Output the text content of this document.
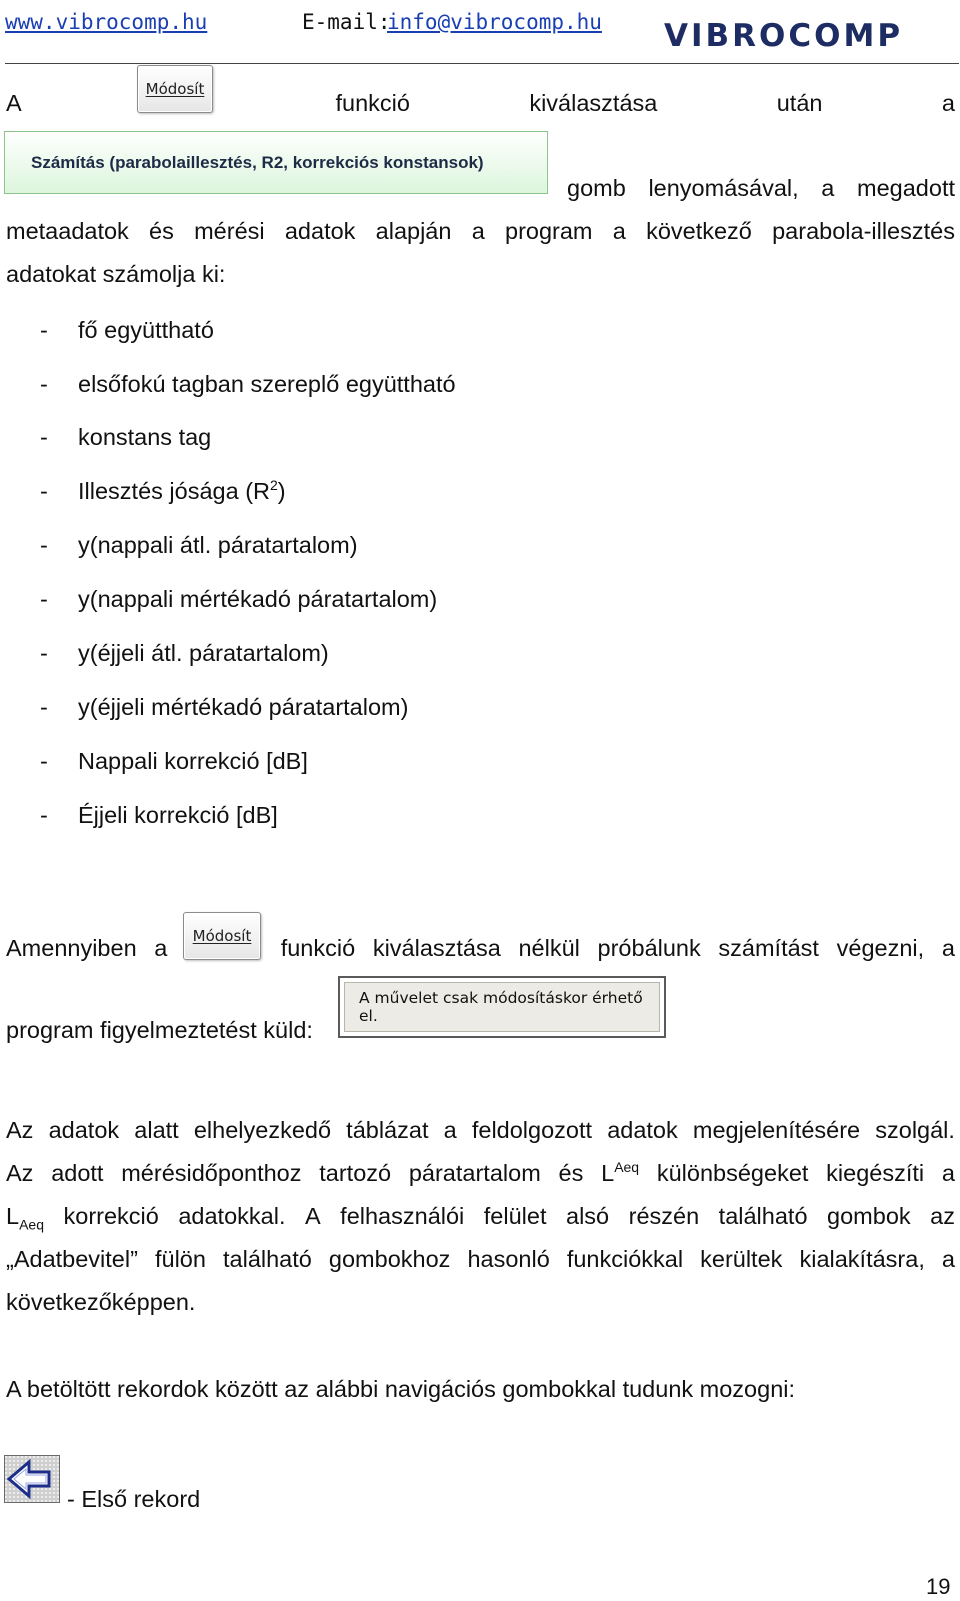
www.vibrocomp.hu	E-mail:
info@vibrocomp.hu VIBROCOMP
A	funkció	kiválasztása	után	a
Módosít
Számítás (parabolaillesztés, R2, korrekciós konstansok)
gomb lenyomásával, a megadott
metaadatok és mérési adatok alapján a program a következő parabola-illesztés
adatokat számolja ki:
- fő együttható
- elsőfokú tagban szereplő együttható
- konstans tag
- Illesztés jósága $(R^2)$
- y(nappali átl. páratartalom)
- y(nappali mértékadó páratartalom)
- y(éjjeli átl. páratartalom)
- y(éjjeli mértékadó páratartalom)
- Nappali korrekció [dB]
- Éjjeli korrekció [dB]
Amennyiben a	funkció kiválasztása nélkül próbálunk számítást végezni, a
Módosít
program figyelmeztetést küld:
A művelet csak módosításkor érhető el.
Az adatok alatt elhelyezkedő táblázat a feldolgozott adatok megjelenítésére szolgál.
Az adott mérésidőponthoz tartozó páratartalom és $L^{Aeq}$ különbségeket kiegészíti a
$L_{Aeq}$ korrekció adatokkal. A felhasználói felület alsó részén található gombok az
„Adatbevitel” fülön található gombokhoz hasonló funkciókkal kerültek kialakításra, a
következőképpen.
A betöltött rekordok között az alábbi navigációs gombokkal tudunk mozogni:
- Első rekord
19
